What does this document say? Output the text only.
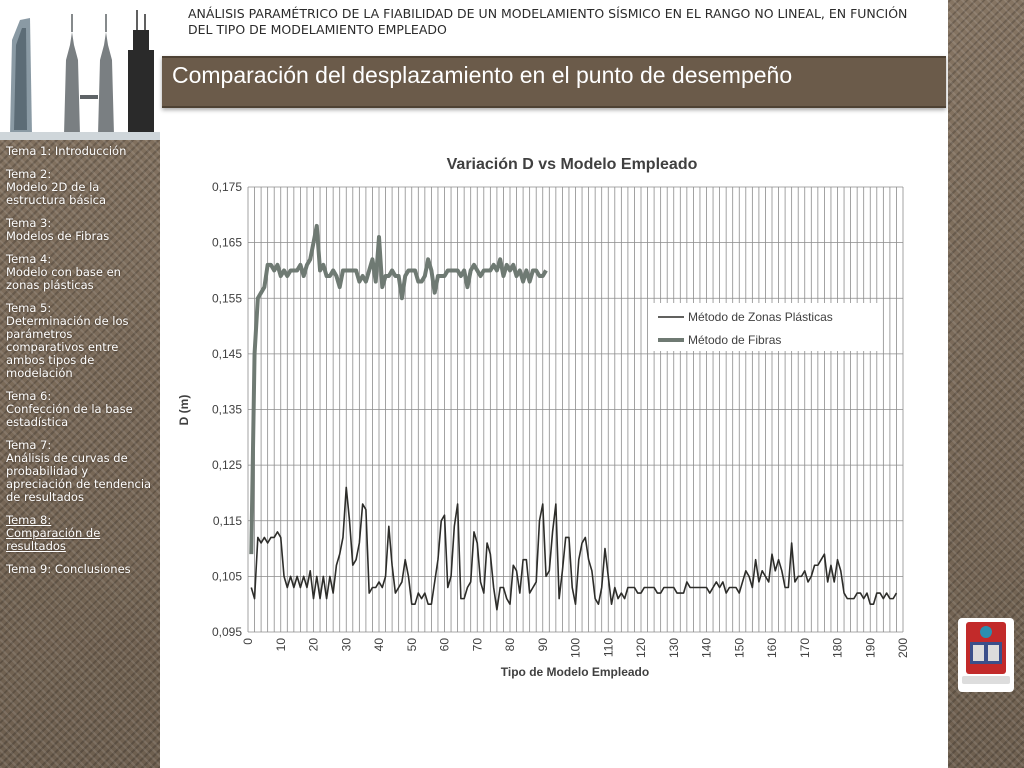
Tema 1: Introducción
Tema 2:
Modelo 2D de la estructura básica
Tema 3:
Modelos de Fibras
Tema 4:
Modelo con base en zonas plásticas
Tema 5:
Determinación de los parámetros comparativos entre ambos tipos de modelación
Tema 6:
Confección de la base estadística
Tema 7:
Análisis de curvas de probabilidad y apreciación de tendencia de resultados
Tema 8:
Comparación de resultados
Tema 9: Conclusiones
ANÁLISIS PARAMÉTRICO DE LA FIABILIDAD DE UN MODELAMIENTO SÍSMICO EN EL RANGO NO LINEAL, EN FUNCIÓN DEL TIPO DE MODELAMIENTO EMPLEADO
Comparación del desplazamiento en el punto de desempeño
0,095
0,105
0,115
0,125
0,135
0,145
0,155
0,165
0,175
0 10 20 30 40 50 60 70 80 90 100 110 120 130 140 150 160 170 180 190 200
Variación D vs Modelo Empleado
Tipo de Modelo Empleado
D (m)
Método de Zonas Plásticas
Método de Fibras
